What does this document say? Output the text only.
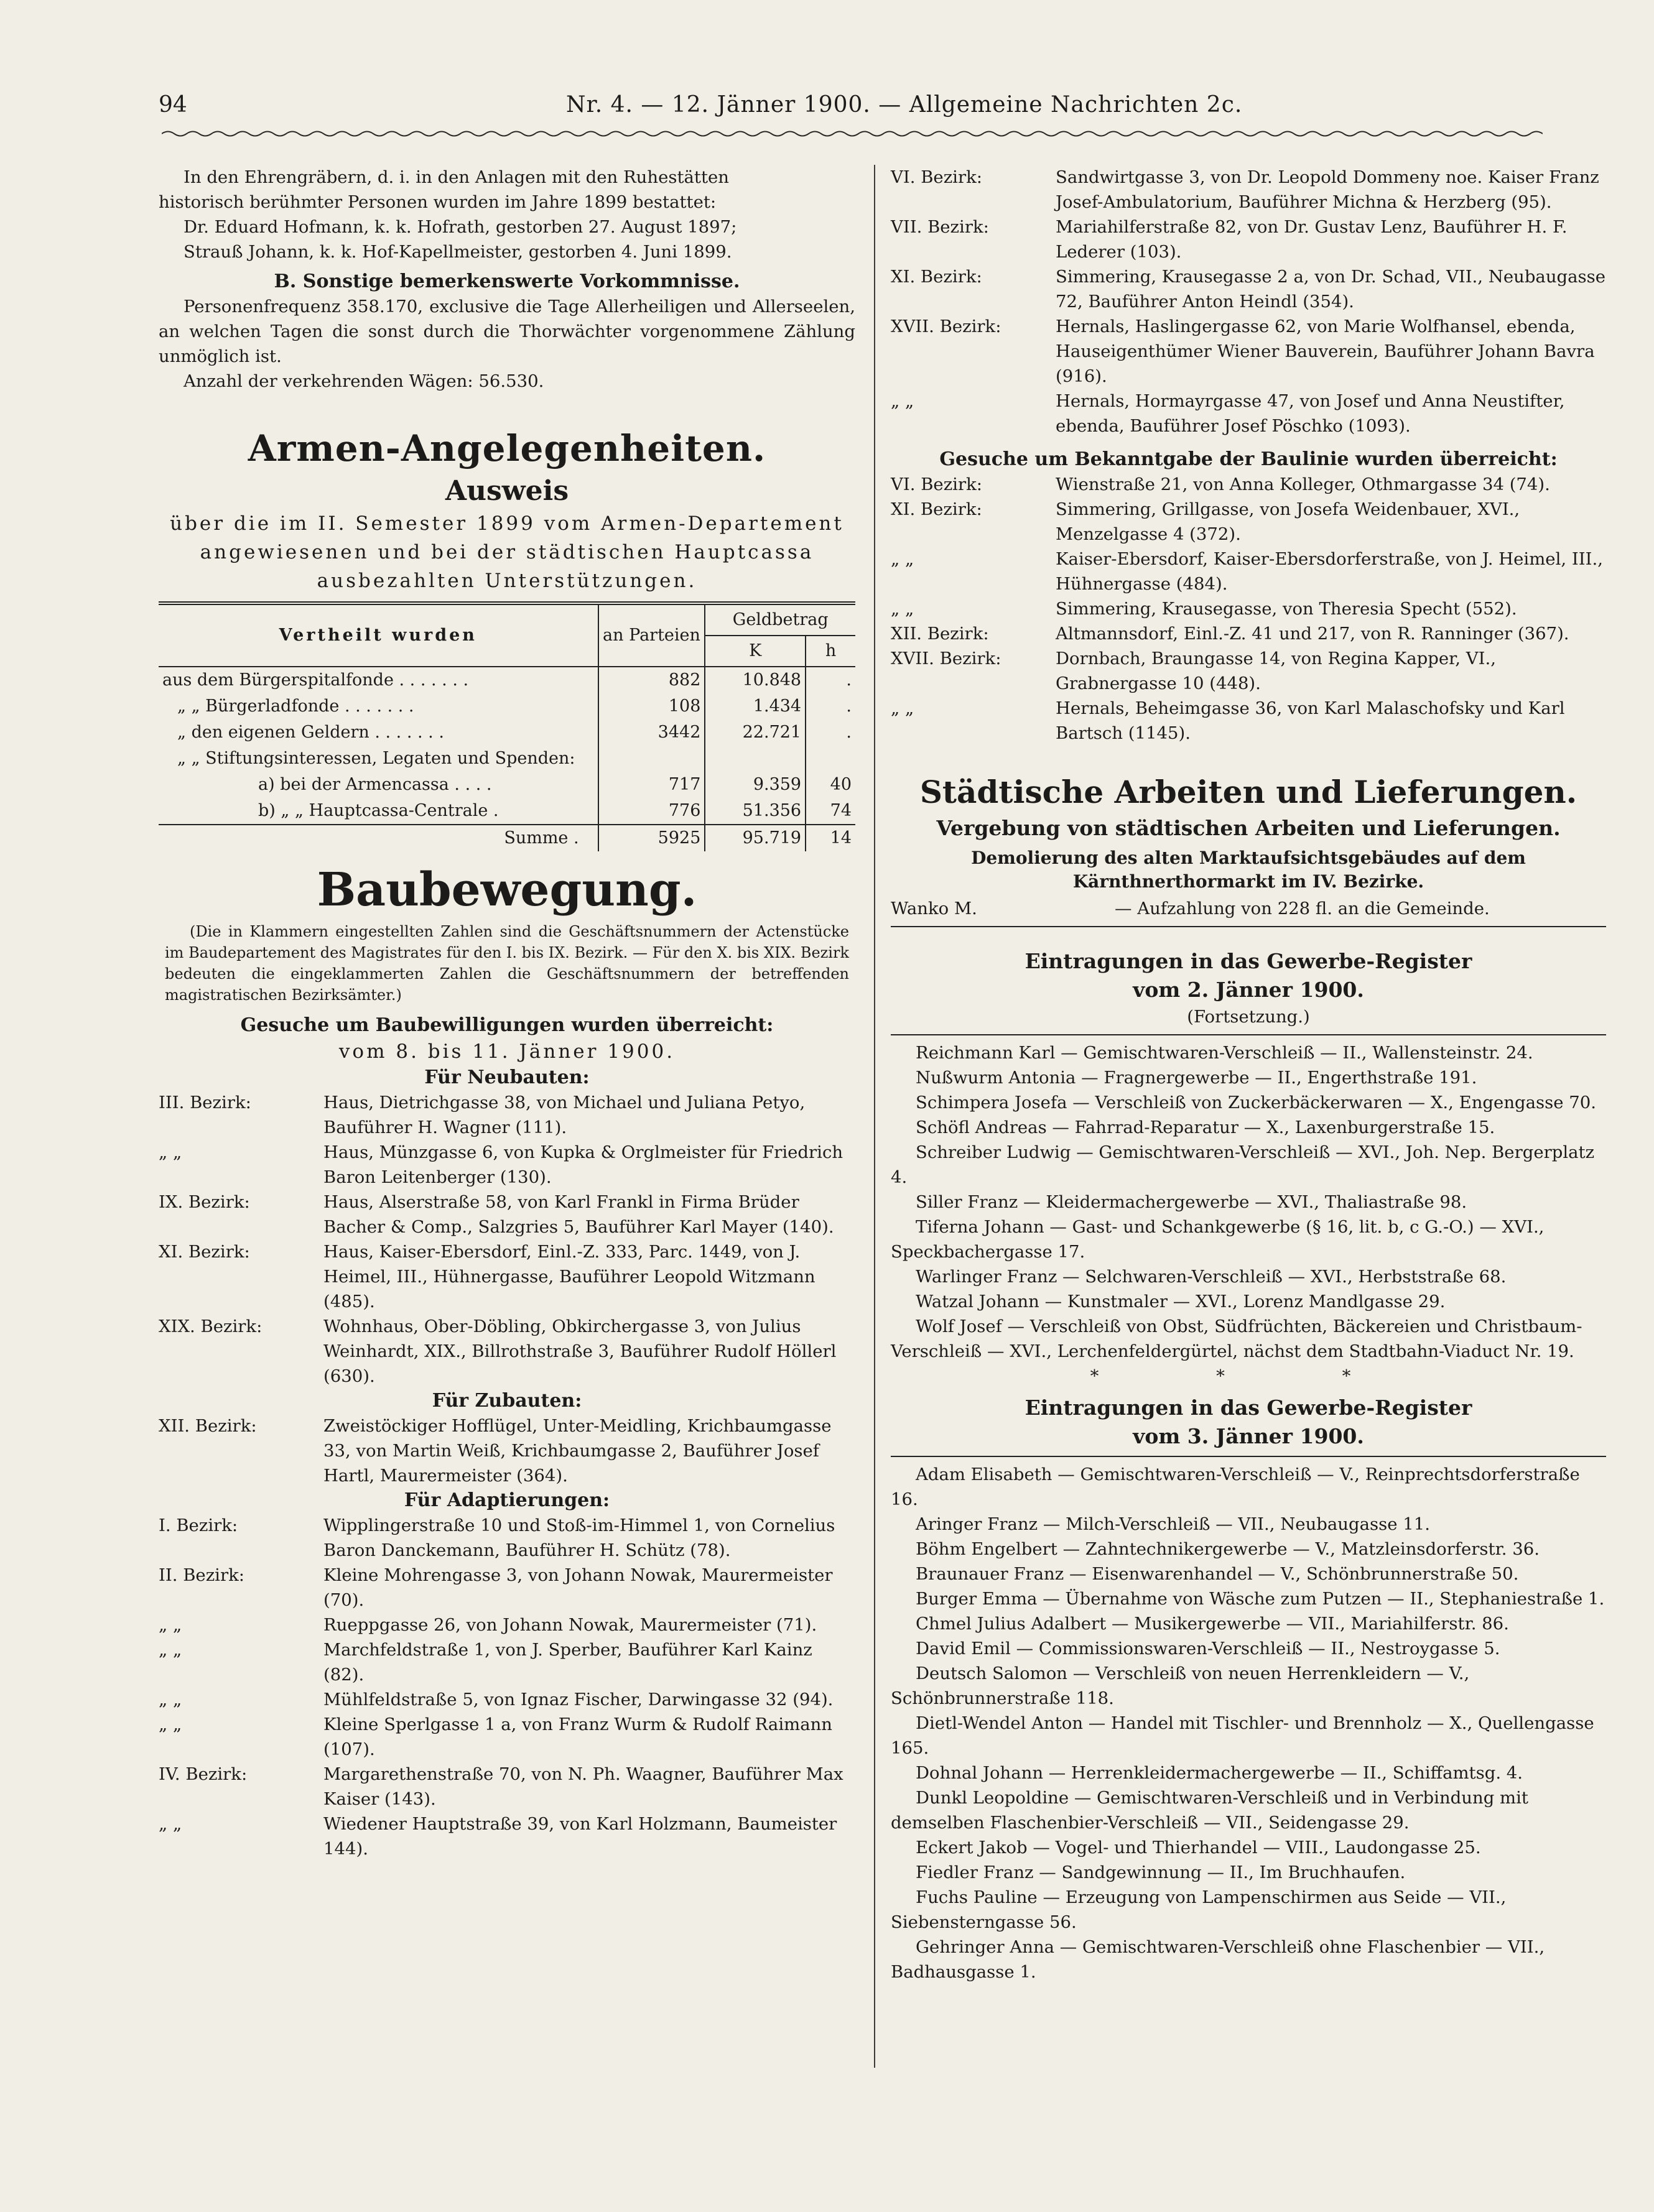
94	Nr. 4. — 12. Jänner 1900. — Allgemeine Nachrichten 2c.

In den Ehrengräbern, d. i. in den Anlagen mit den Ruhestätten

historisch berühmter Personen wurden im Jahre 1899 bestattet:

Dr. Eduard Hofmann, k. k. Hofrath, gestorben 27. August 1897;

Strauß Johann, k. k. Hof-Kapellmeister, gestorben 4. Juni 1899.

B. Sonstige bemerkenswerte Vorkommnisse.

Personenfrequenz 358.170, exclusive die Tage Allerheiligen und Allerseelen, an welchen Tagen die sonst durch die Thorwächter vorgenommene Zählung unmöglich ist.

Anzahl der verkehrenden Wägen: 56.530.

Armen-Angelegenheiten.

Ausweis

über die im II. Semester 1899 vom Armen-Departement angewiesenen und bei der städtischen Hauptcassa ausbezahlten Unterstützungen.

Vertheilt wurden	an Parteien	Geldbetrag	
		K	h
aus dem Bürgerspitalfonde . . . . . . .	882	10.848	.
„ „ Bürgerladfonde . . . . . . .	108	1.434	.
„ den eigenen Geldern . . . . . . .	3442	22.721	.
„ „ Stiftungsinteressen, Legaten und Spenden:			
a) bei der Armencassa . . . .	717	9.359	40
b) „ „ Hauptcassa-Centrale .	776	51.356	74
Summe .	5925	95.719	14

Baubewegung.

(Die in Klammern eingestellten Zahlen sind die Geschäftsnummern der Actenstücke im Baudepartement des Magistrates für den I. bis IX. Bezirk. — Für den X. bis XIX. Bezirk bedeuten die eingeklammerten Zahlen die Geschäftsnummern der betreffenden magistratischen Bezirksämter.)

Gesuche um Baubewilligungen wurden überreicht:

vom 8. bis 11. Jänner 1900.

Für Neubauten:

III. Bezirk:	Haus, Dietrichgasse 38, von Michael und Juliana Petyo, Bauführer H. Wagner (111).
„ „	Haus, Münzgasse 6, von Kupka & Orglmeister für Friedrich Baron Leitenberger (130).
IX. Bezirk:	Haus, Alserstraße 58, von Karl Frankl in Firma Brüder Bacher & Comp., Salzgries 5, Bauführer Karl Mayer (140).
XI. Bezirk:	Haus, Kaiser-Ebersdorf, Einl.-Z. 333, Parc. 1449, von J. Heimel, III., Hühnergasse, Bauführer Leopold Witzmann (485).
XIX. Bezirk:	Wohnhaus, Ober-Döbling, Obkirchergasse 3, von Julius Weinhardt, XIX., Billrothstraße 3, Bauführer Rudolf Höllerl (630).

Für Zubauten:

XII. Bezirk:	Zweistöckiger Hofflügel, Unter-Meidling, Krichbaumgasse 33, von Martin Weiß, Krichbaumgasse 2, Bauführer Josef Hartl, Maurermeister (364).

Für Adaptierungen:

I. Bezirk:	Wipplingerstraße 10 und Stoß-im-Himmel 1, von Cornelius Baron Danckemann, Bauführer H. Schütz (78).
II. Bezirk:	Kleine Mohrengasse 3, von Johann Nowak, Maurermeister (70).
„ „	Rueppgasse 26, von Johann Nowak, Maurermeister (71).
„ „	Marchfeldstraße 1, von J. Sperber, Bauführer Karl Kainz (82).
„ „	Mühlfeldstraße 5, von Ignaz Fischer, Darwingasse 32 (94).
„ „	Kleine Sperlgasse 1 a, von Franz Wurm & Rudolf Raimann (107).
IV. Bezirk:	Margarethenstraße 70, von N. Ph. Waagner, Bauführer Max Kaiser (143).
„ „	Wiedener Hauptstraße 39, von Karl Holzmann, Baumeister 144).
VI. Bezirk:	Sandwirtgasse 3, von Dr. Leopold Dommeny noe. Kaiser Franz Josef-Ambulatorium, Bauführer Michna & Herzberg (95).
VII. Bezirk:	Mariahilferstraße 82, von Dr. Gustav Lenz, Bauführer H. F. Lederer (103).
XI. Bezirk:	Simmering, Krausegasse 2 a, von Dr. Schad, VII., Neubaugasse 72, Bauführer Anton Heindl (354).
XVII. Bezirk:	Hernals, Haslingergasse 62, von Marie Wolfhansel, ebenda, Hauseigenthümer Wiener Bauverein, Bauführer Johann Bavra (916).
„ „	Hernals, Hormayrgasse 47, von Josef und Anna Neustifter, ebenda, Bauführer Josef Pöschko (1093).

Gesuche um Bekanntgabe der Baulinie wurden überreicht:

VI. Bezirk:	Wienstraße 21, von Anna Kolleger, Othmargasse 34 (74).
XI. Bezirk:	Simmering, Grillgasse, von Josefa Weidenbauer, XVI., Menzelgasse 4 (372).
„ „	Kaiser-Ebersdorf, Kaiser-Ebersdorferstraße, von J. Heimel, III., Hühnergasse (484).
„ „	Simmering, Krausegasse, von Theresia Specht (552).
XII. Bezirk:	Altmannsdorf, Einl.-Z. 41 und 217, von R. Ranninger (367).
XVII. Bezirk:	Dornbach, Braungasse 14, von Regina Kapper, VI., Grabnergasse 10 (448).
„ „	Hernals, Beheimgasse 36, von Karl Malaschofsky und Karl Bartsch (1145).

Städtische Arbeiten und Lieferungen.

Vergebung von städtischen Arbeiten und Lieferungen.

Demolierung des alten Marktaufsichtsgebäudes auf dem Kärnthnerthormarkt im IV. Bezirke.

Wanko M.	— Aufzahlung von 228 fl. an die Gemeinde.

Eintragungen in das Gewerbe-Register

vom 2. Jänner 1900.

(Fortsetzung.)

Reichmann Karl — Gemischtwaren-Verschleiß — II., Wallensteinstr. 24.

Nußwurm Antonia — Fragnergewerbe — II., Engerthstraße 191.

Schimpera Josefa — Verschleiß von Zuckerbäckerwaren — X., Engengasse 70.

Schöfl Andreas — Fahrrad-Reparatur — X., Laxenburgerstraße 15.

Schreiber Ludwig — Gemischtwaren-Verschleiß — XVI., Joh. Nep. Bergerplatz 4.

Siller Franz — Kleidermachergewerbe — XVI., Thaliastraße 98.

Tiferna Johann — Gast- und Schankgewerbe (§ 16, lit. b, c G.-O.) — XVI., Speckbachergasse 17.

Warlinger Franz — Selchwaren-Verschleiß — XVI., Herbststraße 68.

Watzal Johann — Kunstmaler — XVI., Lorenz Mandlgasse 29.

Wolf Josef — Verschleiß von Obst, Südfrüchten, Bäckereien und Christbaum-Verschleiß — XVI., Lerchenfeldergürtel, nächst dem Stadtbahn-Viaduct Nr. 19.

* * *

Eintragungen in das Gewerbe-Register

vom 3. Jänner 1900.

Adam Elisabeth — Gemischtwaren-Verschleiß — V., Reinprechtsdorferstraße 16.

Aringer Franz — Milch-Verschleiß — VII., Neubaugasse 11.

Böhm Engelbert — Zahntechnikergewerbe — V., Matzleinsdorferstr. 36.

Braunauer Franz — Eisenwarenhandel — V., Schönbrunnerstraße 50.

Burger Emma — Übernahme von Wäsche zum Putzen — II., Stephaniestraße 1.

Chmel Julius Adalbert — Musikergewerbe — VII., Mariahilferstr. 86.

David Emil — Commissionswaren-Verschleiß — II., Nestroygasse 5.

Deutsch Salomon — Verschleiß von neuen Herrenkleidern — V., Schönbrunnerstraße 118.

Dietl-Wendel Anton — Handel mit Tischler- und Brennholz — X., Quellengasse 165.

Dohnal Johann — Herrenkleidermachergewerbe — II., Schiffamtsg. 4.

Dunkl Leopoldine — Gemischtwaren-Verschleiß und in Verbindung mit demselben Flaschenbier-Verschleiß — VII., Seidengasse 29.

Eckert Jakob — Vogel- und Thierhandel — VIII., Laudongasse 25.

Fiedler Franz — Sandgewinnung — II., Im Bruchhaufen.

Fuchs Pauline — Erzeugung von Lampenschirmen aus Seide — VII., Siebensterngasse 56.

Gehringer Anna — Gemischtwaren-Verschleiß ohne Flaschenbier — VII., Badhausgasse 1.
